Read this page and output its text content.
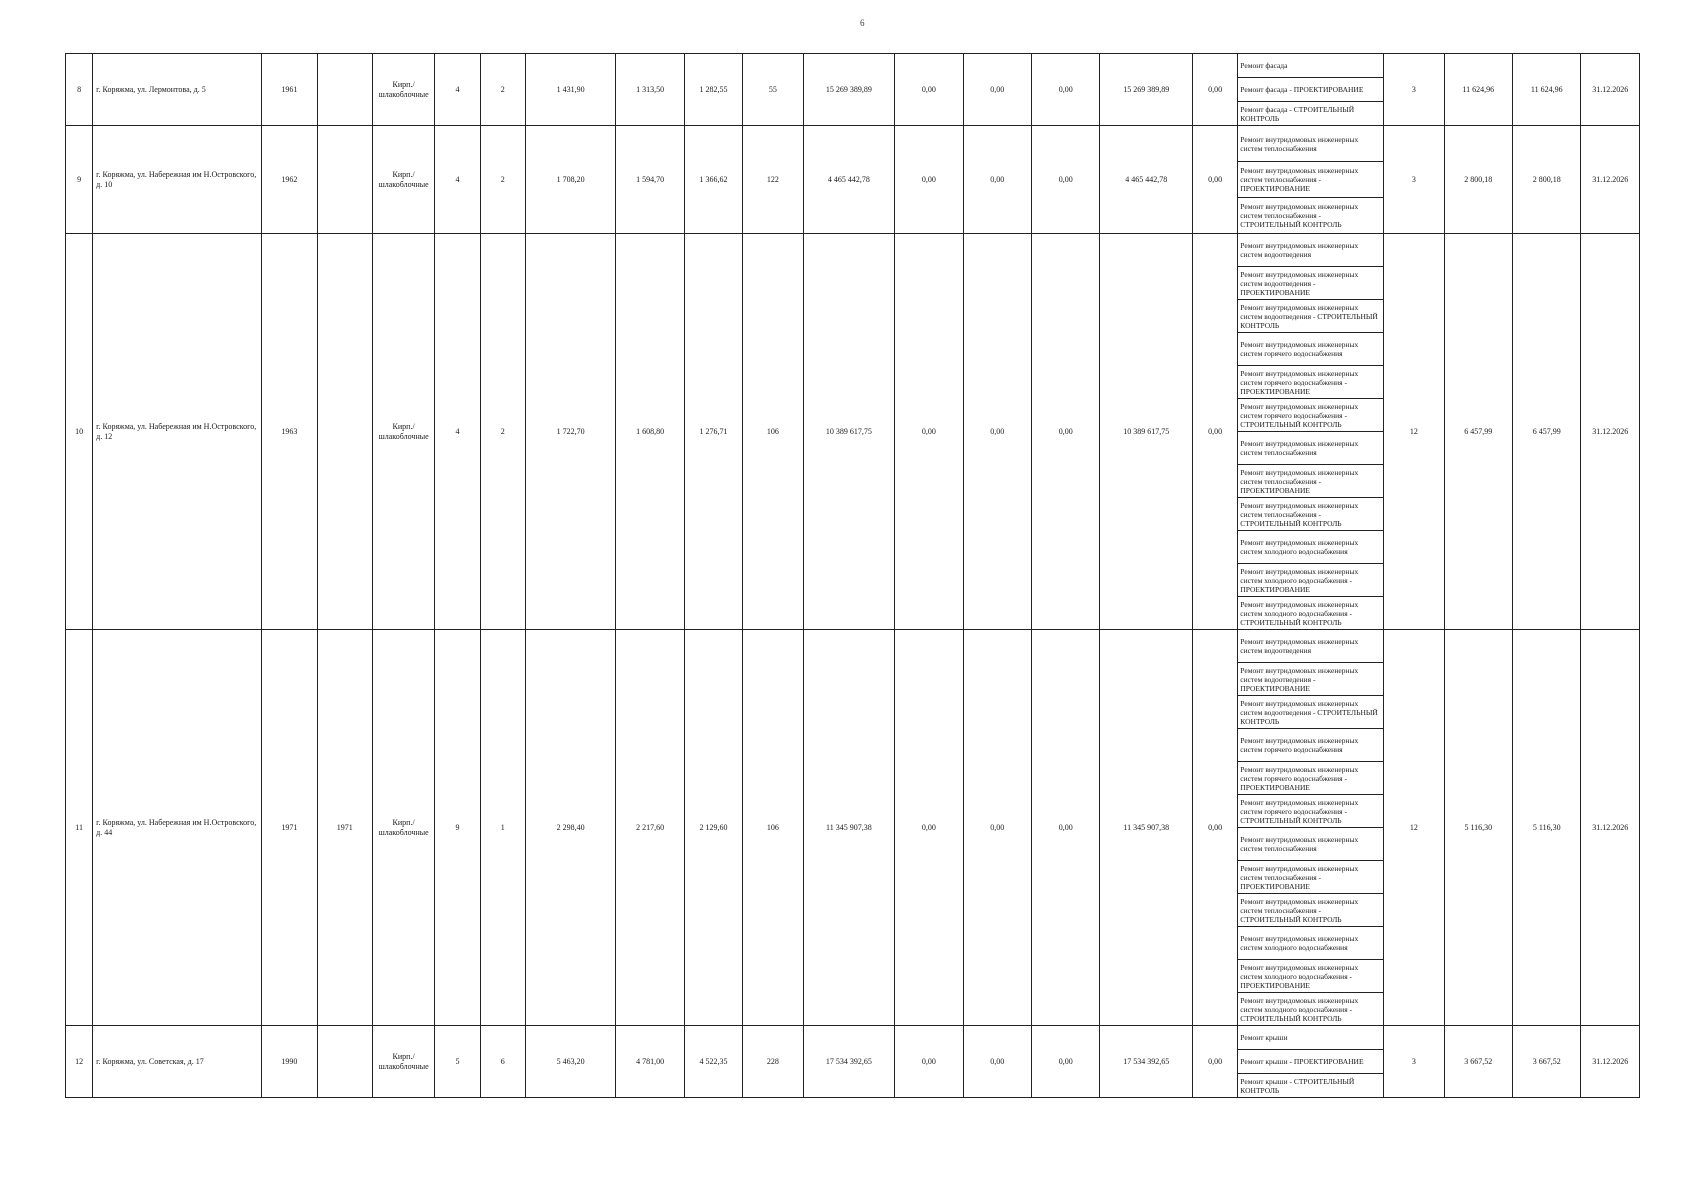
6
8	г. Коряжма, ул. Лермонтова, д. 5	1961		Кирп./ шлакоблочные	4	2	1 431,90	1 313,50	1 282,55	55	15 269 389,89	0,00	0,00	0,00	15 269 389,89	0,00	Ремонт фасада	3	11 624,96	11 624,96	31.12.2026
																	Ремонт фасада - ПРОЕКТИРОВАНИЕ				
																	Ремонт фасада - СТРОИТЕЛЬНЫЙ КОНТРОЛЬ				
9	г. Коряжма, ул. Набережная им Н.Островского, д. 10	1962		Кирп./ шлакоблочные	4	2	1 708,20	1 594,70	1 366,62	122	4 465 442,78	0,00	0,00	0,00	4 465 442,78	0,00	Ремонт внутридомовых инженерных систем теплоснабжения	3	2 800,18	2 800,18	31.12.2026
																	Ремонт внутридомовых инженерных систем теплоснабжения - ПРОЕКТИРОВАНИЕ				
																	Ремонт внутридомовых инженерных систем теплоснабжения - СТРОИТЕЛЬНЫЙ КОНТРОЛЬ				
10	г. Коряжма, ул. Набережная им Н.Островского, д. 12	1963		Кирп./ шлакоблочные	4	2	1 722,70	1 608,80	1 276,71	106	10 389 617,75	0,00	0,00	0,00	10 389 617,75	0,00	Ремонт внутридомовых инженерных систем водоотведения	12	6 457,99	6 457,99	31.12.2026
																	Ремонт внутридомовых инженерных систем водоотведения - ПРОЕКТИРОВАНИЕ				
																	Ремонт внутридомовых инженерных систем водоотведения - СТРОИТЕЛЬНЫЙ КОНТРОЛЬ				
																	Ремонт внутридомовых инженерных систем горячего водоснабжения				
																	Ремонт внутридомовых инженерных систем горячего водоснабжения - ПРОЕКТИРОВАНИЕ				
																	Ремонт внутридомовых инженерных систем горячего водоснабжения - СТРОИТЕЛЬНЫЙ КОНТРОЛЬ				
																	Ремонт внутридомовых инженерных систем теплоснабжения				
																	Ремонт внутридомовых инженерных систем теплоснабжения - ПРОЕКТИРОВАНИЕ				
																	Ремонт внутридомовых инженерных систем теплоснабжения - СТРОИТЕЛЬНЫЙ КОНТРОЛЬ				
																	Ремонт внутридомовых инженерных систем холодного водоснабжения				
																	Ремонт внутридомовых инженерных систем холодного водоснабжения - ПРОЕКТИРОВАНИЕ				
																	Ремонт внутридомовых инженерных систем холодного водоснабжения - СТРОИТЕЛЬНЫЙ КОНТРОЛЬ				
11	г. Коряжма, ул. Набережная им Н.Островского, д. 44	1971	1971	Кирп./ шлакоблочные	9	1	2 298,40	2 217,60	2 129,60	106	11 345 907,38	0,00	0,00	0,00	11 345 907,38	0,00	Ремонт внутридомовых инженерных систем водоотведения	12	5 116,30	5 116,30	31.12.2026
																	Ремонт внутридомовых инженерных систем водоотведения - ПРОЕКТИРОВАНИЕ				
																	Ремонт внутридомовых инженерных систем водоотведения - СТРОИТЕЛЬНЫЙ КОНТРОЛЬ				
																	Ремонт внутридомовых инженерных систем горячего водоснабжения				
																	Ремонт внутридомовых инженерных систем горячего водоснабжения - ПРОЕКТИРОВАНИЕ				
																	Ремонт внутридомовых инженерных систем горячего водоснабжения - СТРОИТЕЛЬНЫЙ КОНТРОЛЬ				
																	Ремонт внутридомовых инженерных систем теплоснабжения				
																	Ремонт внутридомовых инженерных систем теплоснабжения - ПРОЕКТИРОВАНИЕ				
																	Ремонт внутридомовых инженерных систем теплоснабжения - СТРОИТЕЛЬНЫЙ КОНТРОЛЬ				
																	Ремонт внутридомовых инженерных систем холодного водоснабжения				
																	Ремонт внутридомовых инженерных систем холодного водоснабжения - ПРОЕКТИРОВАНИЕ				
																	Ремонт внутридомовых инженерных систем холодного водоснабжения - СТРОИТЕЛЬНЫЙ КОНТРОЛЬ				
12	г. Коряжма, ул. Советская, д. 17	1990		Кирп./ шлакоблочные	5	6	5 463,20	4 781,00	4 522,35	228	17 534 392,65	0,00	0,00	0,00	17 534 392,65	0,00	Ремонт крыши	3	3 667,52	3 667,52	31.12.2026
																	Ремонт крыши - ПРОЕКТИРОВАНИЕ				
																	Ремонт крыши - СТРОИТЕЛЬНЫЙ КОНТРОЛЬ				
